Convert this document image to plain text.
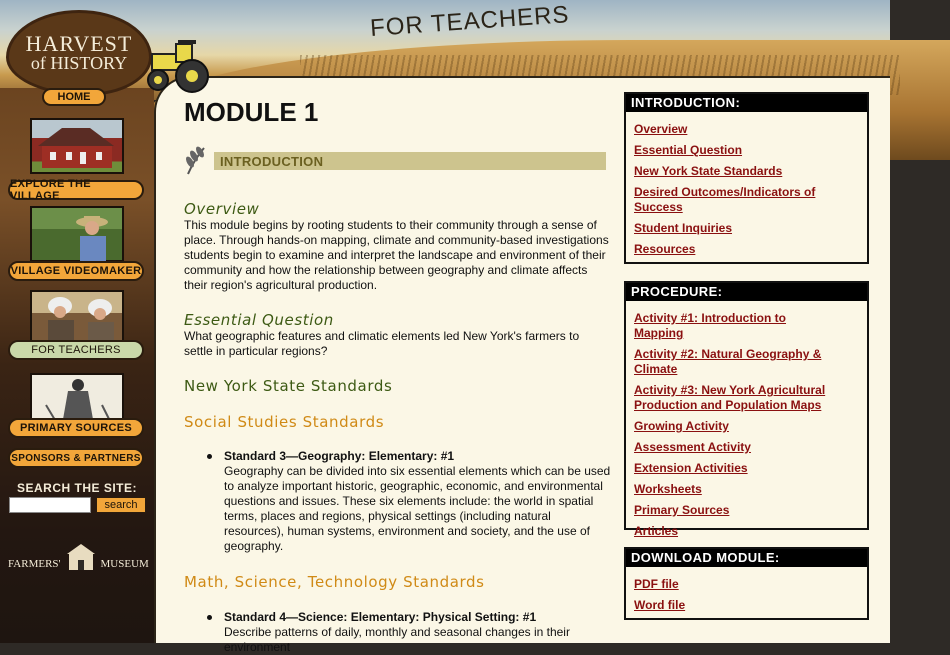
FOR TEACHERS
HARVEST
of HISTORY
HOME
EXPLORE THE VILLAGE
VILLAGE VIDEOMAKER
FOR TEACHERS
PRIMARY SOURCES
SPONSORS & PARTNERS
SEARCH THE SITE:
search
FARMERS'	MUSEUM
MODULE 1
INTRODUCTION
Overview
This module begins by rooting students to their community through a sense of place. Through hands-on mapping, climate and community-based investigations students begin to examine and interpret the landscape and environment of their community and how the relationship between geography and climate affects their region's agricultural production.
Essential Question
What geographic features and climatic elements led New York's farmers to settle in particular regions?
New York State Standards
Social Studies Standards
Standard 3—Geography: Elementary: #1
Geography can be divided into six essential elements which can be used to analyze important historic, geographic, economic, and environmental questions and issues. These six elements include: the world in spatial terms, places and regions, physical settings (including natural resources), human systems, environment and society, and the use of geography.
Math, Science, Technology Standards
Standard 4—Science: Elementary: Physical Setting: #1
Describe patterns of daily, monthly and seasonal changes in their environment
INTRODUCTION:
Overview
Essential Question
New York State Standards
Desired Outcomes/Indicators of Success
Student Inquiries
Resources
PROCEDURE:
Activity #1: Introduction to Mapping
Activity #2: Natural Geography & Climate
Activity #3: New York Agricultural Production and Population Maps
Growing Activity
Assessment Activity
Extension Activities
Worksheets
Primary Sources
Articles
DOWNLOAD MODULE:
PDF file
Word file
